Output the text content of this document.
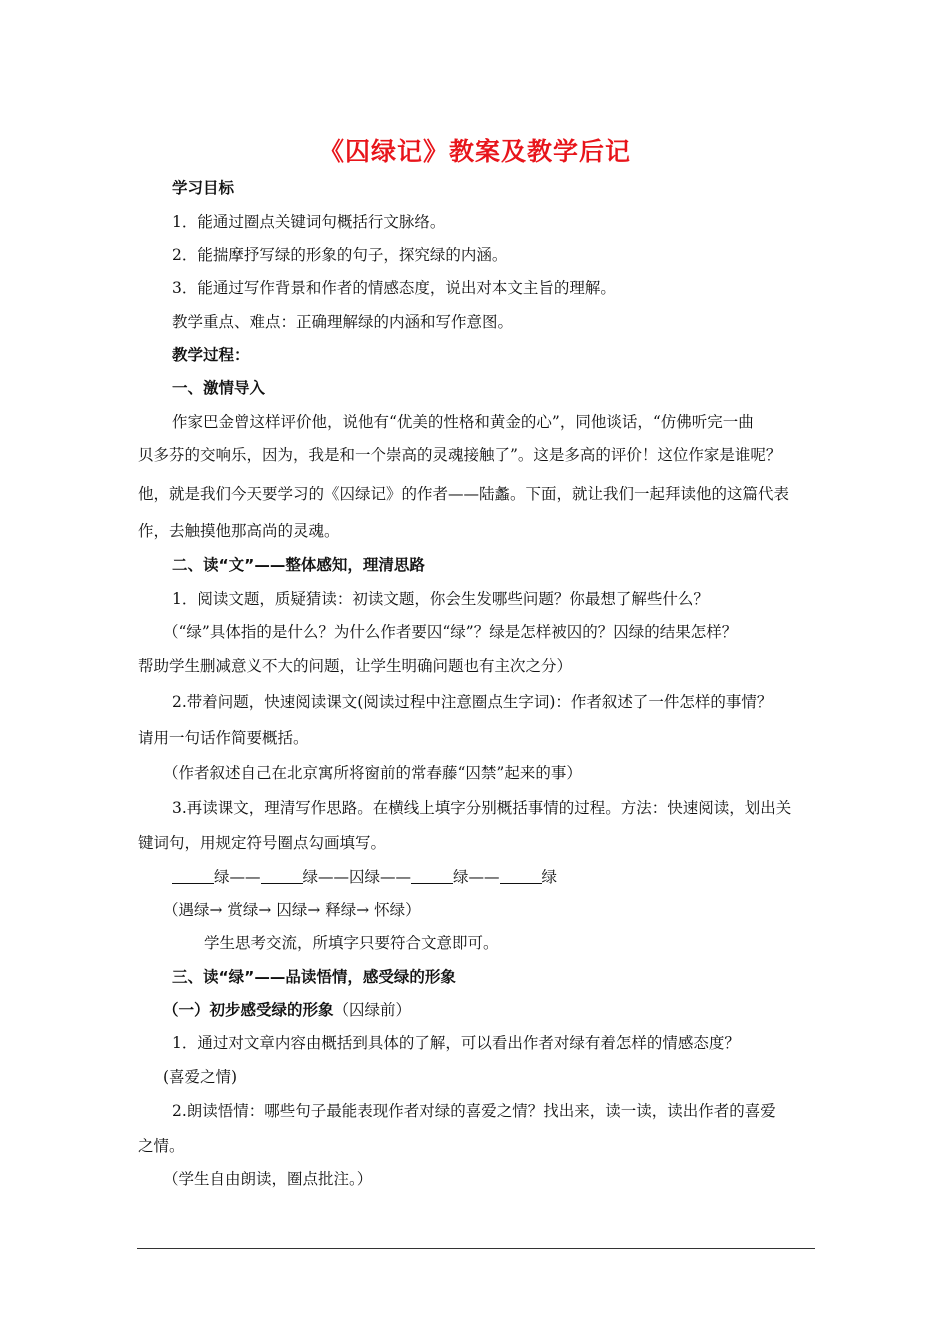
《囚绿记》教案及教学后记
学习目标
1．能通过圈点关键词句概括行文脉络。
2．能揣摩抒写绿的形象的句子，探究绿的内涵。
3．能通过写作背景和作者的情感态度，说出对本文主旨的理解。
教学重点、难点：正确理解绿的内涵和写作意图。
教学过程：
一、激情导入
作家巴金曾这样评价他，说他有“优美的性格和黄金的心”，同他谈话，“仿佛听完一曲
贝多芬的交响乐，因为，我是和一个崇高的灵魂接触了”。这是多高的评价！这位作家是谁呢？
他，就是我们今天要学习的《囚绿记》的作者——陆蠡。下面，就让我们一起拜读他的这篇代表
作，去触摸他那高尚的灵魂。
二、读“文”——整体感知，理清思路
1．阅读文题，质疑猜读：初读文题，你会生发哪些问题？你最想了解些什么？
（“绿”具体指的是什么？为什么作者要囚“绿”？绿是怎样被囚的？囚绿的结果怎样？
帮助学生删减意义不大的问题，让学生明确问题也有主次之分）
2.带着问题，快速阅读课文(阅读过程中注意圈点生字词)：作者叙述了一件怎样的事情？
请用一句话作简要概括。
（作者叙述自己在北京寓所将窗前的常春藤“囚禁”起来的事）
3.再读课文，理清写作思路。在横线上填字分别概括事情的过程。方法：快速阅读，划出关
键词句，用规定符号圈点勾画填写。
绿——	绿——囚绿——	绿——	绿
（遇绿→ 赏绿→ 囚绿→ 释绿→ 怀绿）
学生思考交流，所填字只要符合文意即可。
三、读“绿”——品读悟情，感受绿的形象
（一）初步感受绿的形象（囚绿前）
1．通过对文章内容由概括到具体的了解，可以看出作者对绿有着怎样的情感态度？
(喜爱之情)
2.朗读悟情：哪些句子最能表现作者对绿的喜爱之情？找出来，读一读，读出作者的喜爱
之情。
（学生自由朗读，圈点批注。）
